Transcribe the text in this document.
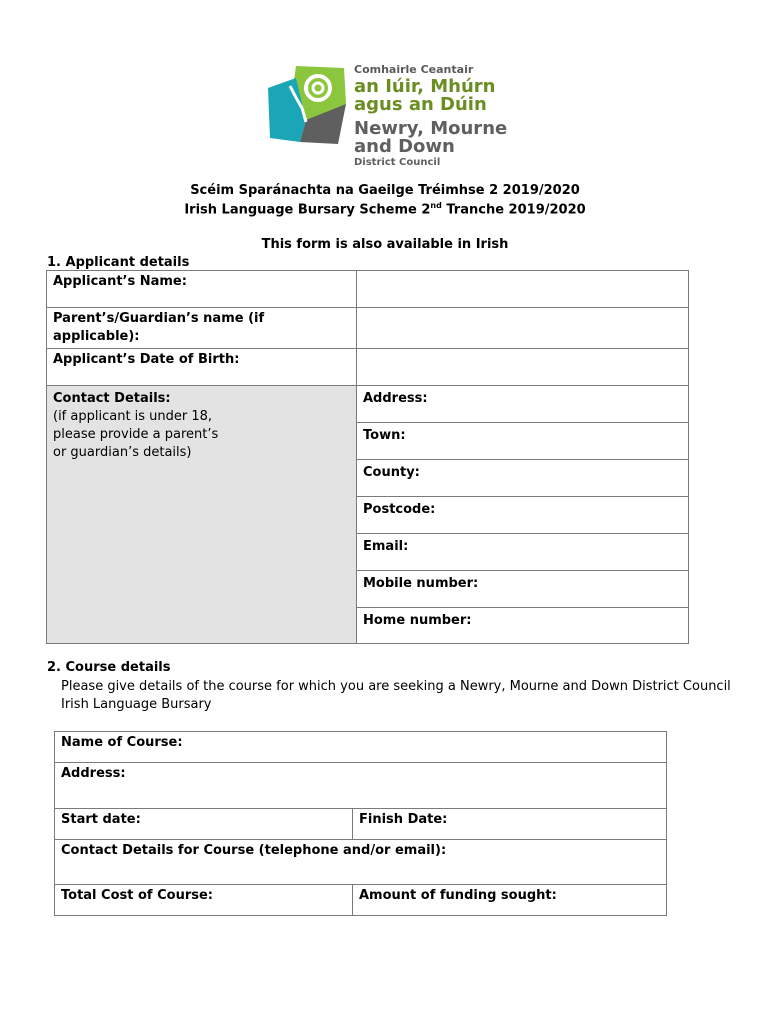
Comhairle Ceantair
an Iúir, Mhúrn
agus an Dúin
Newry, Mourne
and Down
District Council
Scéim Sparánachta na Gaeilge Tréimhse 2 2019/2020
Irish Language Bursary Scheme 2nd Tranche 2019/2020
This form is also available in Irish
1. Applicant details
Applicant’s Name:	
Parent’s/Guardian’s name (if applicable):	
Applicant’s Date of Birth:	

Contact Details:
(if applicant is under 18, please provide a parent’s or guardian’s details)	Address:
	Town:
	County:
	Postcode:
	Email:
	Mobile number:
	Home number:
2. Course details
Please give details of the course for which you are seeking a Newry, Mourne and Down District Council Irish Language Bursary
Name of Course:	
Address:	
Start date:	Finish Date:
Contact Details for Course (telephone and/or email):	
Total Cost of Course:	Amount of funding sought:
